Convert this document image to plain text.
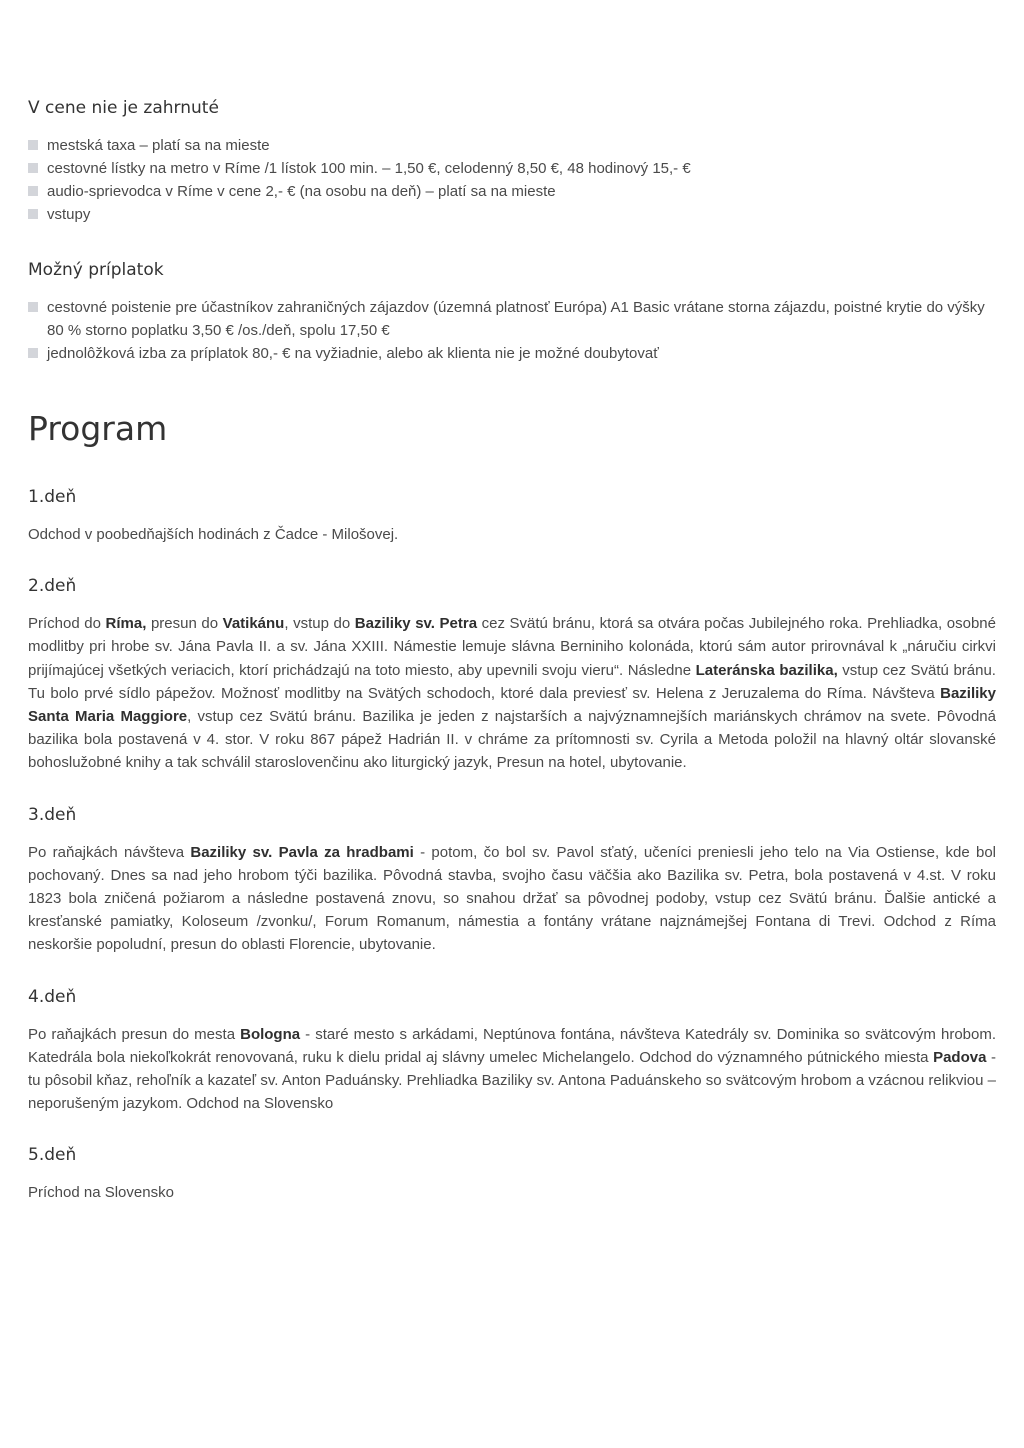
V cene nie je zahrnuté
mestská taxa – platí sa na mieste
cestovné lístky na metro v Ríme /1 lístok 100 min. – 1,50 €, celodenný 8,50 €, 48 hodinový 15,- €
audio-sprievodca v Ríme v cene 2,- € (na osobu na deň) – platí sa na mieste
vstupy
Možný príplatok
cestovné poistenie pre účastníkov zahraničných zájazdov (územná platnosť Európa) A1 Basic vrátane storna zájazdu, poistné krytie do výšky 80 % storno poplatku 3,50 € /os./deň, spolu 17,50 €
jednolôžková izba za príplatok 80,- € na vyžiadnie, alebo ak klienta nie je možné doubytovať
Program
1.deň

Odchod v poobedňajších hodinách z Čadce - Milošovej.

2.deň

Príchod do Ríma, presun do Vatikánu, vstup do Baziliky sv. Petra cez Svätú bránu, ktorá sa otvára počas Jubilejného roka. Prehliadka, osobné modlitby pri hrobe sv. Jána Pavla II. a sv. Jána XXIII. Námestie lemuje slávna Berniniho kolonáda, ktorú sám autor prirovnával k „náručiu cirkvi prijímajúcej všetkých veriacich, ktorí prichádzajú na toto miesto, aby upevnili svoju vieru“. Následne Lateránska bazilika, vstup cez Svätú bránu. Tu bolo prvé sídlo pápežov. Možnosť modlitby na Svätých schodoch, ktoré dala previesť sv. Helena z Jeruzalema do Ríma. Návšteva Baziliky Santa Maria Maggiore, vstup cez Svätú bránu. Bazilika je jeden z najstarších a najvýznamnejších mariánskych chrámov na svete. Pôvodná bazilika bola postavená v 4. stor. V roku 867 pápež Hadrián II. v chráme za prítomnosti sv. Cyrila a Metoda položil na hlavný oltár slovanské bohoslužobné knihy a tak schválil staroslovenčinu ako liturgický jazyk, Presun na hotel, ubytovanie.

3.deň

Po raňajkách návšteva Baziliky sv. Pavla za hradbami - potom, čo bol sv. Pavol sťatý, učeníci preniesli jeho telo na Via Ostiense, kde bol pochovaný. Dnes sa nad jeho hrobom týči bazilika. Pôvodná stavba, svojho času väčšia ako Bazilika sv. Petra, bola postavená v 4.st. V roku 1823 bola zničená požiarom a následne postavená znovu, so snahou držať sa pôvodnej podoby, vstup cez Svätú bránu. Ďalšie antické a kresťanské pamiatky, Koloseum /zvonku/, Forum Romanum, námestia a fontány vrátane najznámejšej Fontana di Trevi. Odchod z Ríma neskoršie popoludní, presun do oblasti Florencie, ubytovanie.

4.deň

Po raňajkách presun do mesta Bologna - staré mesto s arkádami, Neptúnova fontána, návšteva Katedrály sv. Dominika so svätcovým hrobom. Katedrála bola niekoľkokrát renovovaná, ruku k dielu pridal aj slávny umelec Michelangelo. Odchod do významného pútnického miesta Padova - tu pôsobil kňaz, rehoľník a kazateľ sv. Anton Paduánsky. Prehliadka Baziliky sv. Antona Paduánskeho so svätcovým hrobom a vzácnou relikviou – neporušeným jazykom. Odchod na Slovensko

5.deň

Príchod na Slovensko
